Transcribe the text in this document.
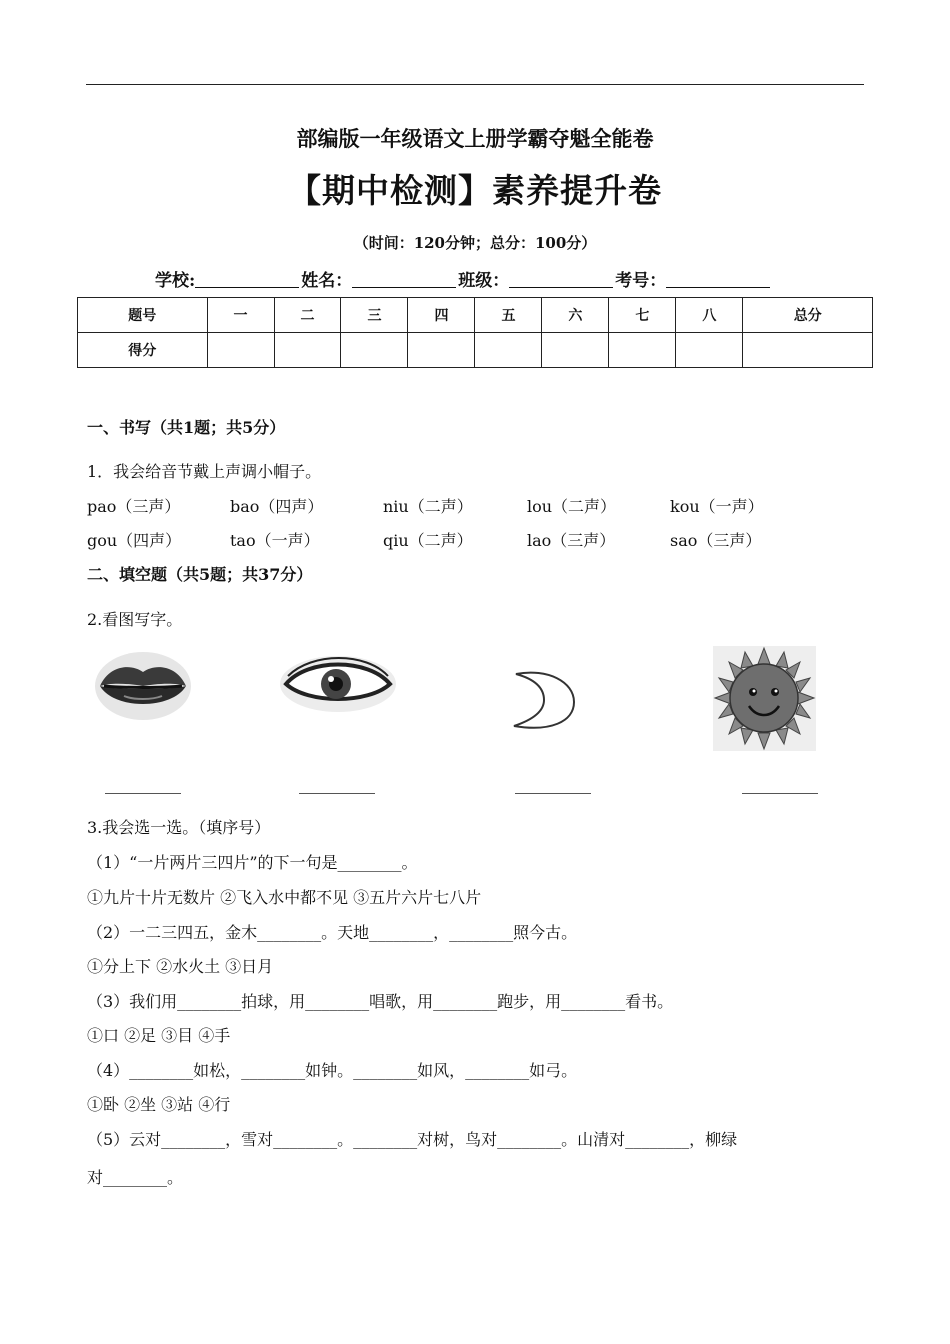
部编版一年级语文上册学霸夺魁全能卷
【期中检测】素养提升卷
（时间：120分钟；总分：100分）
学校:	姓名：	班级：	考号：
题号	一	二	三	四	五	六	七	八	总分
得分									
一、书写（共1题；共5分）
1．我会给音节戴上声调小帽子。
pao（三声）	bao（四声）	niu（二声）	lou（二声）	kou（一声）
gou（四声）	tao（一声）	qiu（二声）	lao（三声）	sao（三声）
二、填空题（共5题；共37分）
2.看图写字。
3.我会选一选。（填序号）
（1）“一片两片三四片”的下一句是________。
①九片十片无数片 ②飞入水中都不见 ③五片六片七八片
（2）一二三四五，金木________。天地________，________照今古。
①分上下 ②水火土 ③日月
（3）我们用________拍球，用________唱歌，用________跑步，用________看书。
①口 ②足 ③目 ④手
（4）________如松，________如钟。________如风，________如弓。
①卧 ②坐 ③站 ④行
（5）云对________，雪对________。________对树，鸟对________。山清对________，柳绿
对________。
